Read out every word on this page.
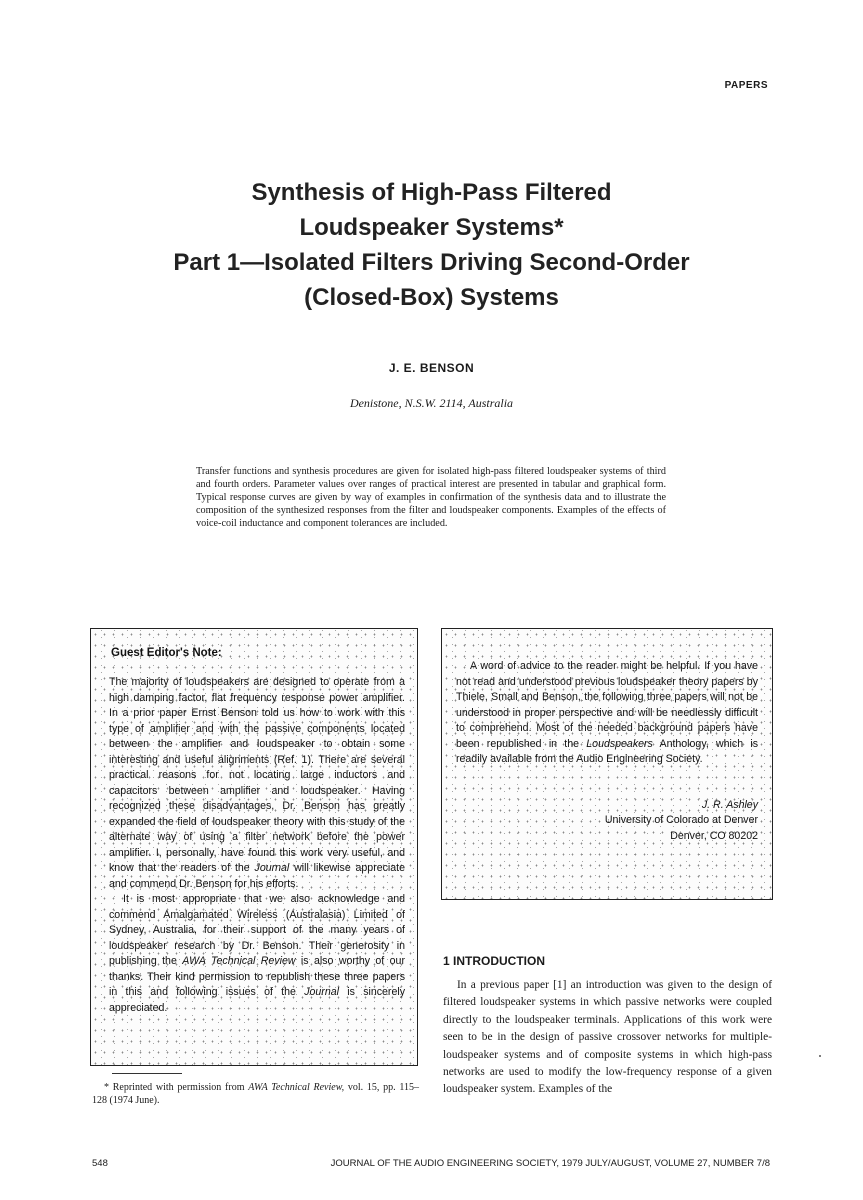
PAPERS
Synthesis of High-Pass Filtered
Loudspeaker Systems*
Part 1—Isolated Filters Driving Second-Order
(Closed-Box) Systems
J. E. BENSON
Denistone, N.S.W. 2114, Australia
Transfer functions and synthesis procedures are given for isolated high-pass filtered loudspeaker systems of third and fourth orders. Parameter values over ranges of practical interest are presented in tabular and graphical form. Typical response curves are given by way of examples in confirmation of the synthesis data and to illustrate the composition of the synthesized responses from the filter and loudspeaker components. Examples of the effects of voice-coil inductance and component tolerances are included.
Guest Editor's Note:

The majority of loudspeakers are designed to operate from a high damping factor, flat frequency response power amplifier. In a prior paper Ernst Benson told us how to work with this type of amplifier and with the passive components located between the amplifier and loudspeaker to obtain some interesting and useful alignments (Ref. 1). There are several practical reasons for not locating large inductors and capacitors between amplifier and loudspeaker. Having recognized these disadvantages, Dr. Benson has greatly expanded the field of loudspeaker theory with this study of the alternate way of using a filter network before the power amplifier. I, personally, have found this work very useful, and know that the readers of the Journal will likewise appreciate and commend Dr. Benson for his efforts.

It is most appropriate that we also acknowledge and commend Amalgamated Wireless (Australasia) Limited of Sydney, Australia, for their support of the many years of loudspeaker research by Dr. Benson. Their generosity in publishing the AWA Technical Review is also worthy of our thanks. Their kind permission to republish these three papers in this and following issues of the Journal is sincerely appreciated.

A word of advice to the reader might be helpful. If you have not read and understood previous loudspeaker theory papers by Thiele, Small and Benson, the following three papers will not be understood in proper perspective and will be needlessly difficult to comprehend. Most of the needed background papers have been republished in the Loudspeakers Anthology, which is readily available from the Audio Engineering Society.

J. R. Ashley
University of Colorado at Denver
Denver, CO 80202
* Reprinted with permission from AWA Technical Review, vol. 15, pp. 115–128 (1974 June).
1 INTRODUCTION
In a previous paper [1] an introduction was given to the design of filtered loudspeaker systems in which passive networks were coupled directly to the loudspeaker terminals. Applications of this work were seen to be in the design of passive crossover networks for multiple-loudspeaker systems and of composite systems in which high-pass networks are used to modify the low-frequency response of a given loudspeaker system. Examples of the
548	JOURNAL OF THE AUDIO ENGINEERING SOCIETY, 1979 JULY/AUGUST, VOLUME 27, NUMBER 7/8
